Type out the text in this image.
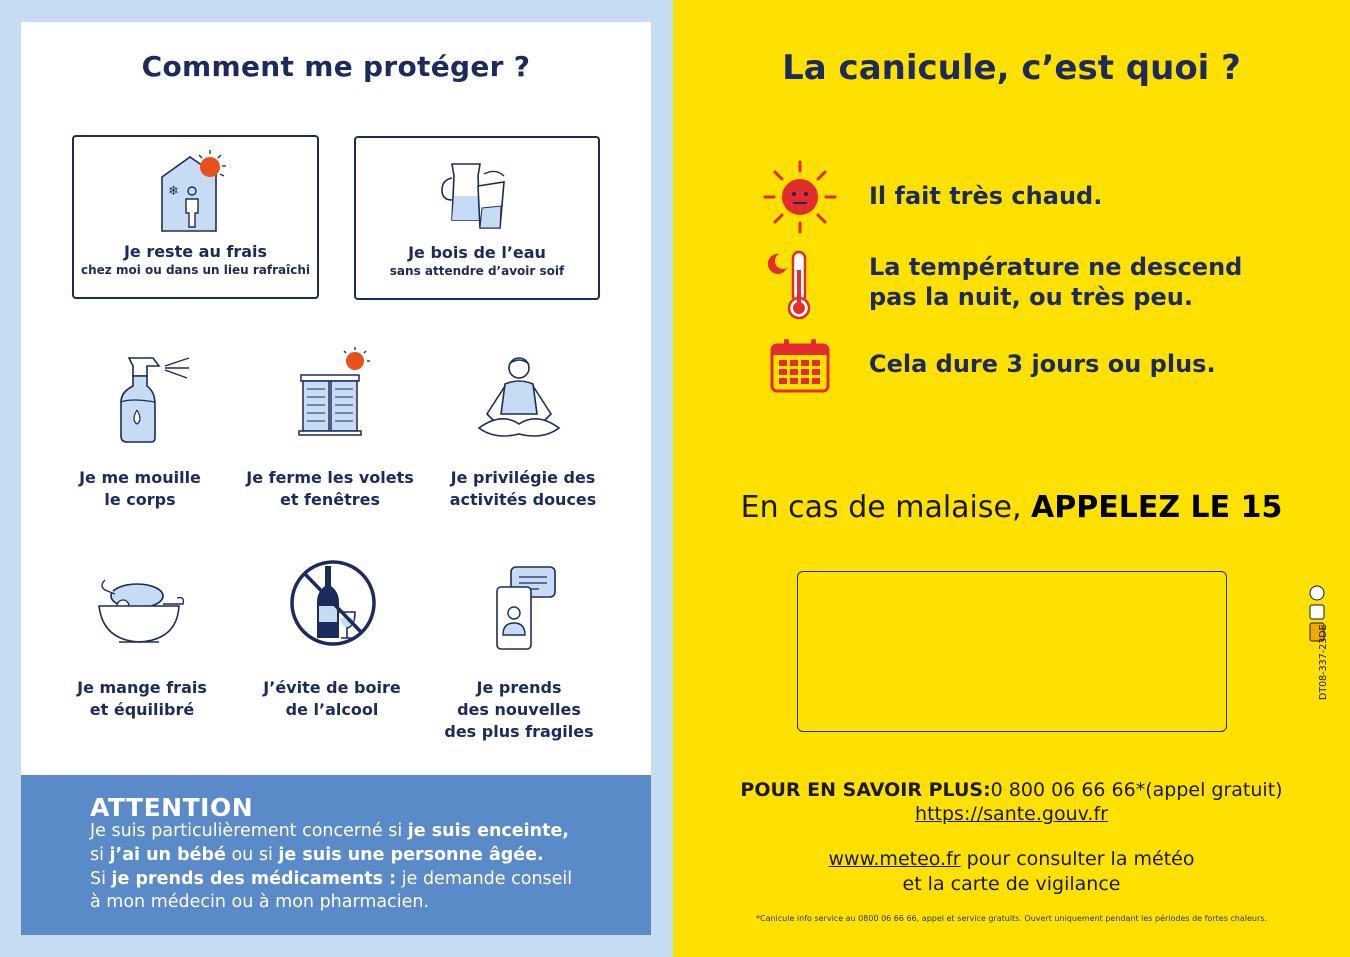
Comment me protéger ?
❄
Je reste au frais
chez moi ou dans un lieu rafraîchi
Je bois de l’eau
sans attendre d’avoir soif
Je me mouille
le corps
Je ferme les volets
et fenêtres
Je privilégie des
activités douces
Je mange frais
et équilibré
J’évite de boire
de l’alcool
Je prends
des nouvelles
des plus fragiles
ATTENTION
Je suis particulièrement concerné si je suis enceinte,
si j’ai un bébé ou si je suis une personne âgée.
Si je prends des médicaments : je demande conseil
à mon médecin ou à mon pharmacien.
La canicule, c’est quoi ?
Il fait très chaud.
La température ne descend
pas la nuit, ou très peu.
Cela dure 3 jours ou plus.
En cas de malaise, APPELEZ LE 15
DT08-337-23DE
POUR EN SAVOIR PLUS:0 800 06 66 66*(appel gratuit)
https://sante.gouv.fr
www.meteo.fr pour consulter la météo
et la carte de vigilance
*Canicule info service au 0800 06 66 66, appel et service gratuits. Ouvert uniquement pendant les périodes de fortes chaleurs.
